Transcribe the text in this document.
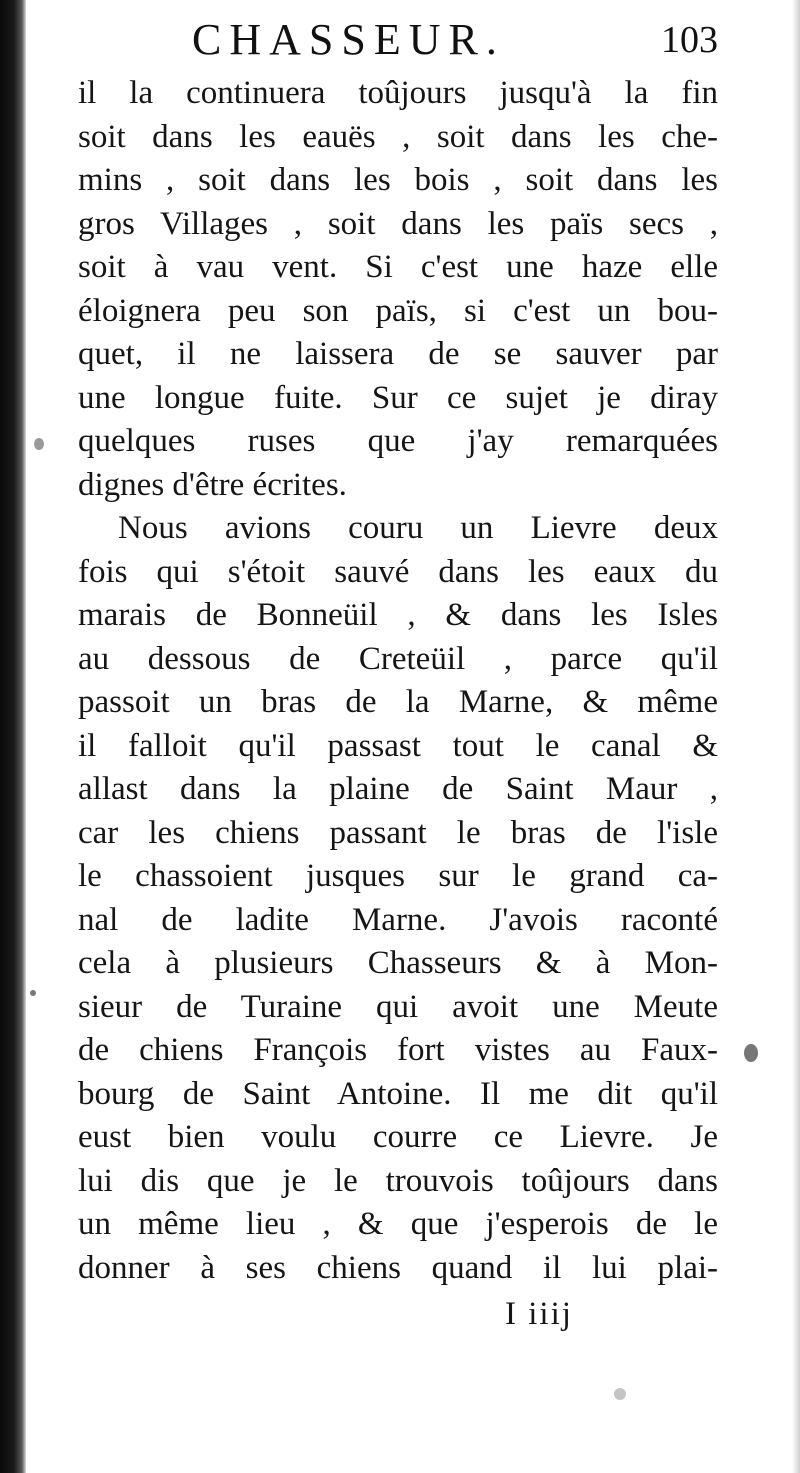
CHASSEUR.	103
il la continuera toûjours jusqu'à la fin
soit dans les eauës , soit dans les che-
mins , soit dans les bois , soit dans les
gros Villages , soit dans les païs secs ,
soit à vau vent. Si c'est une haze elle
éloignera peu son païs, si c'est un bou-
quet, il ne laissera de se sauver par
une longue fuite. Sur ce sujet je diray
quelques ruses que j'ay remarquées
dignes d'être écrites.
Nous avions couru un Lievre deux
fois qui s'étoit sauvé dans les eaux du
marais de Bonneüil , & dans les Isles
au dessous de Creteüil , parce qu'il
passoit un bras de la Marne, & même
il falloit qu'il passast tout le canal &
allast dans la plaine de Saint Maur ,
car les chiens passant le bras de l'isle
le chassoient jusques sur le grand ca-
nal de ladite Marne. J'avois raconté
cela à plusieurs Chasseurs & à Mon-
sieur de Turaine qui avoit une Meute
de chiens François fort vistes au Faux-
bourg de Saint Antoine. Il me dit qu'il
eust bien voulu courre ce Lievre. Je
lui dis que je le trouvois toûjours dans
un même lieu , & que j'esperois de le
donner à ses chiens quand il lui plai-
I iiij
